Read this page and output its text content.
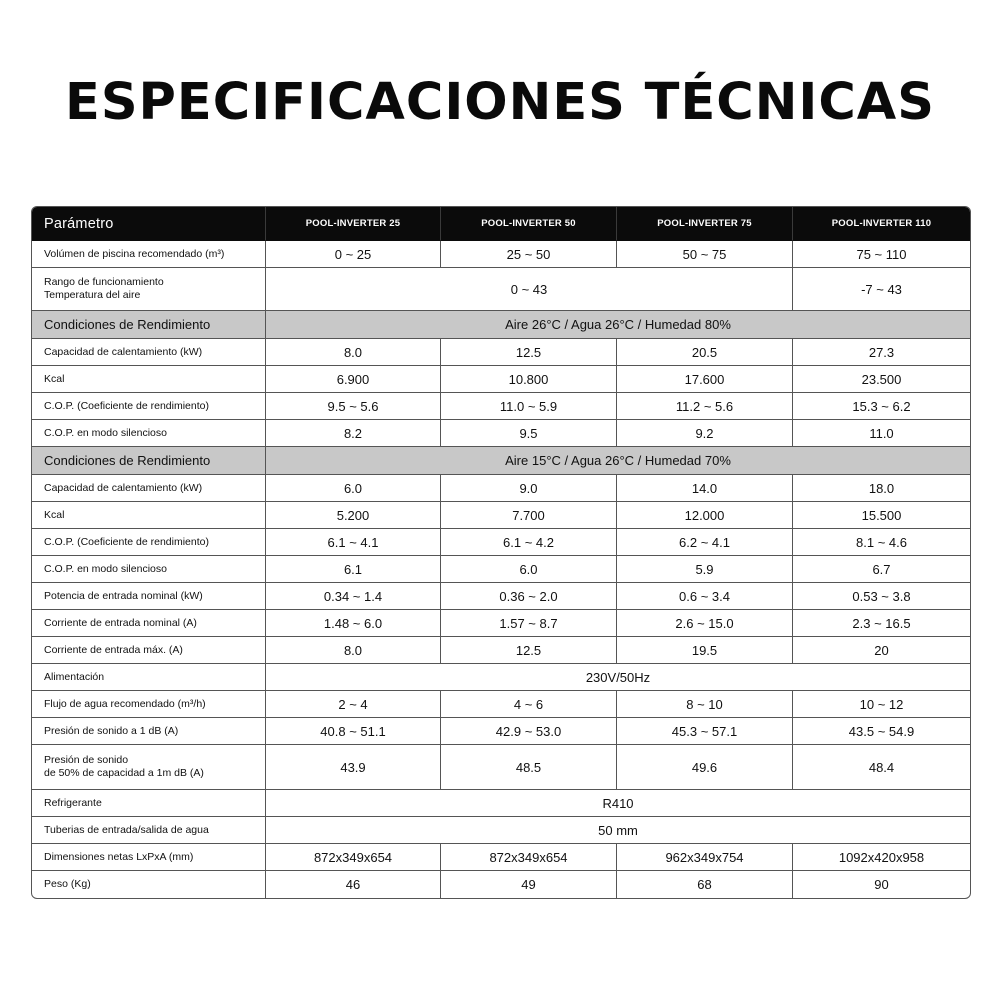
ESPECIFICACIONES TÉCNICAS
Parámetro	POOL-INVERTER 25	POOL-INVERTER 50	POOL-INVERTER 75	POOL-INVERTER 110
Volúmen de piscina recomendado (m³)	0 ~ 25	25 ~ 50	50 ~ 75	75 ~ 110

Rango de funcionamiento
Temperatura del aire	0 ~ 43			-7 ~ 43
Condiciones de Rendimiento	Aire 26°C / Agua 26°C / Humedad 80%			
Capacidad de calentamiento (kW)	8.0	12.5	20.5	27.3
Kcal	6.900	10.800	17.600	23.500
C.O.P. (Coeficiente de rendimiento)	9.5 ~ 5.6	11.0 ~ 5.9	11.2 ~ 5.6	15.3 ~ 6.2
C.O.P. en modo silencioso	8.2	9.5	9.2	11.0
Condiciones de Rendimiento	Aire 15°C / Agua 26°C / Humedad 70%			
Capacidad de calentamiento (kW)	6.0	9.0	14.0	18.0
Kcal	5.200	7.700	12.000	15.500
C.O.P. (Coeficiente de rendimiento)	6.1 ~ 4.1	6.1 ~ 4.2	6.2 ~ 4.1	8.1 ~ 4.6
C.O.P. en modo silencioso	6.1	6.0	5.9	6.7
Potencia de entrada nominal (kW)	0.34 ~ 1.4	0.36 ~ 2.0	0.6 ~ 3.4	0.53 ~ 3.8
Corriente de entrada nominal (A)	1.48 ~ 6.0	1.57 ~ 8.7	2.6 ~ 15.0	2.3 ~ 16.5
Corriente de entrada máx. (A)	8.0	12.5	19.5	20
Alimentación	230V/50Hz			
Flujo de agua recomendado (m³/h)	2 ~ 4	4 ~ 6	8 ~ 10	10 ~ 12
Presión de sonido a 1 dB (A)	40.8 ~ 51.1	42.9 ~ 53.0	45.3 ~ 57.1	43.5 ~ 54.9

Presión de sonido
de 50% de capacidad a 1m dB (A)	43.9	48.5	49.6	48.4
Refrigerante	R410			
Tuberias de entrada/salida de agua	50 mm			
Dimensiones netas LxPxA (mm)	872x349x654	872x349x654	962x349x754	1092x420x958
Peso (Kg)	46	49	68	90
